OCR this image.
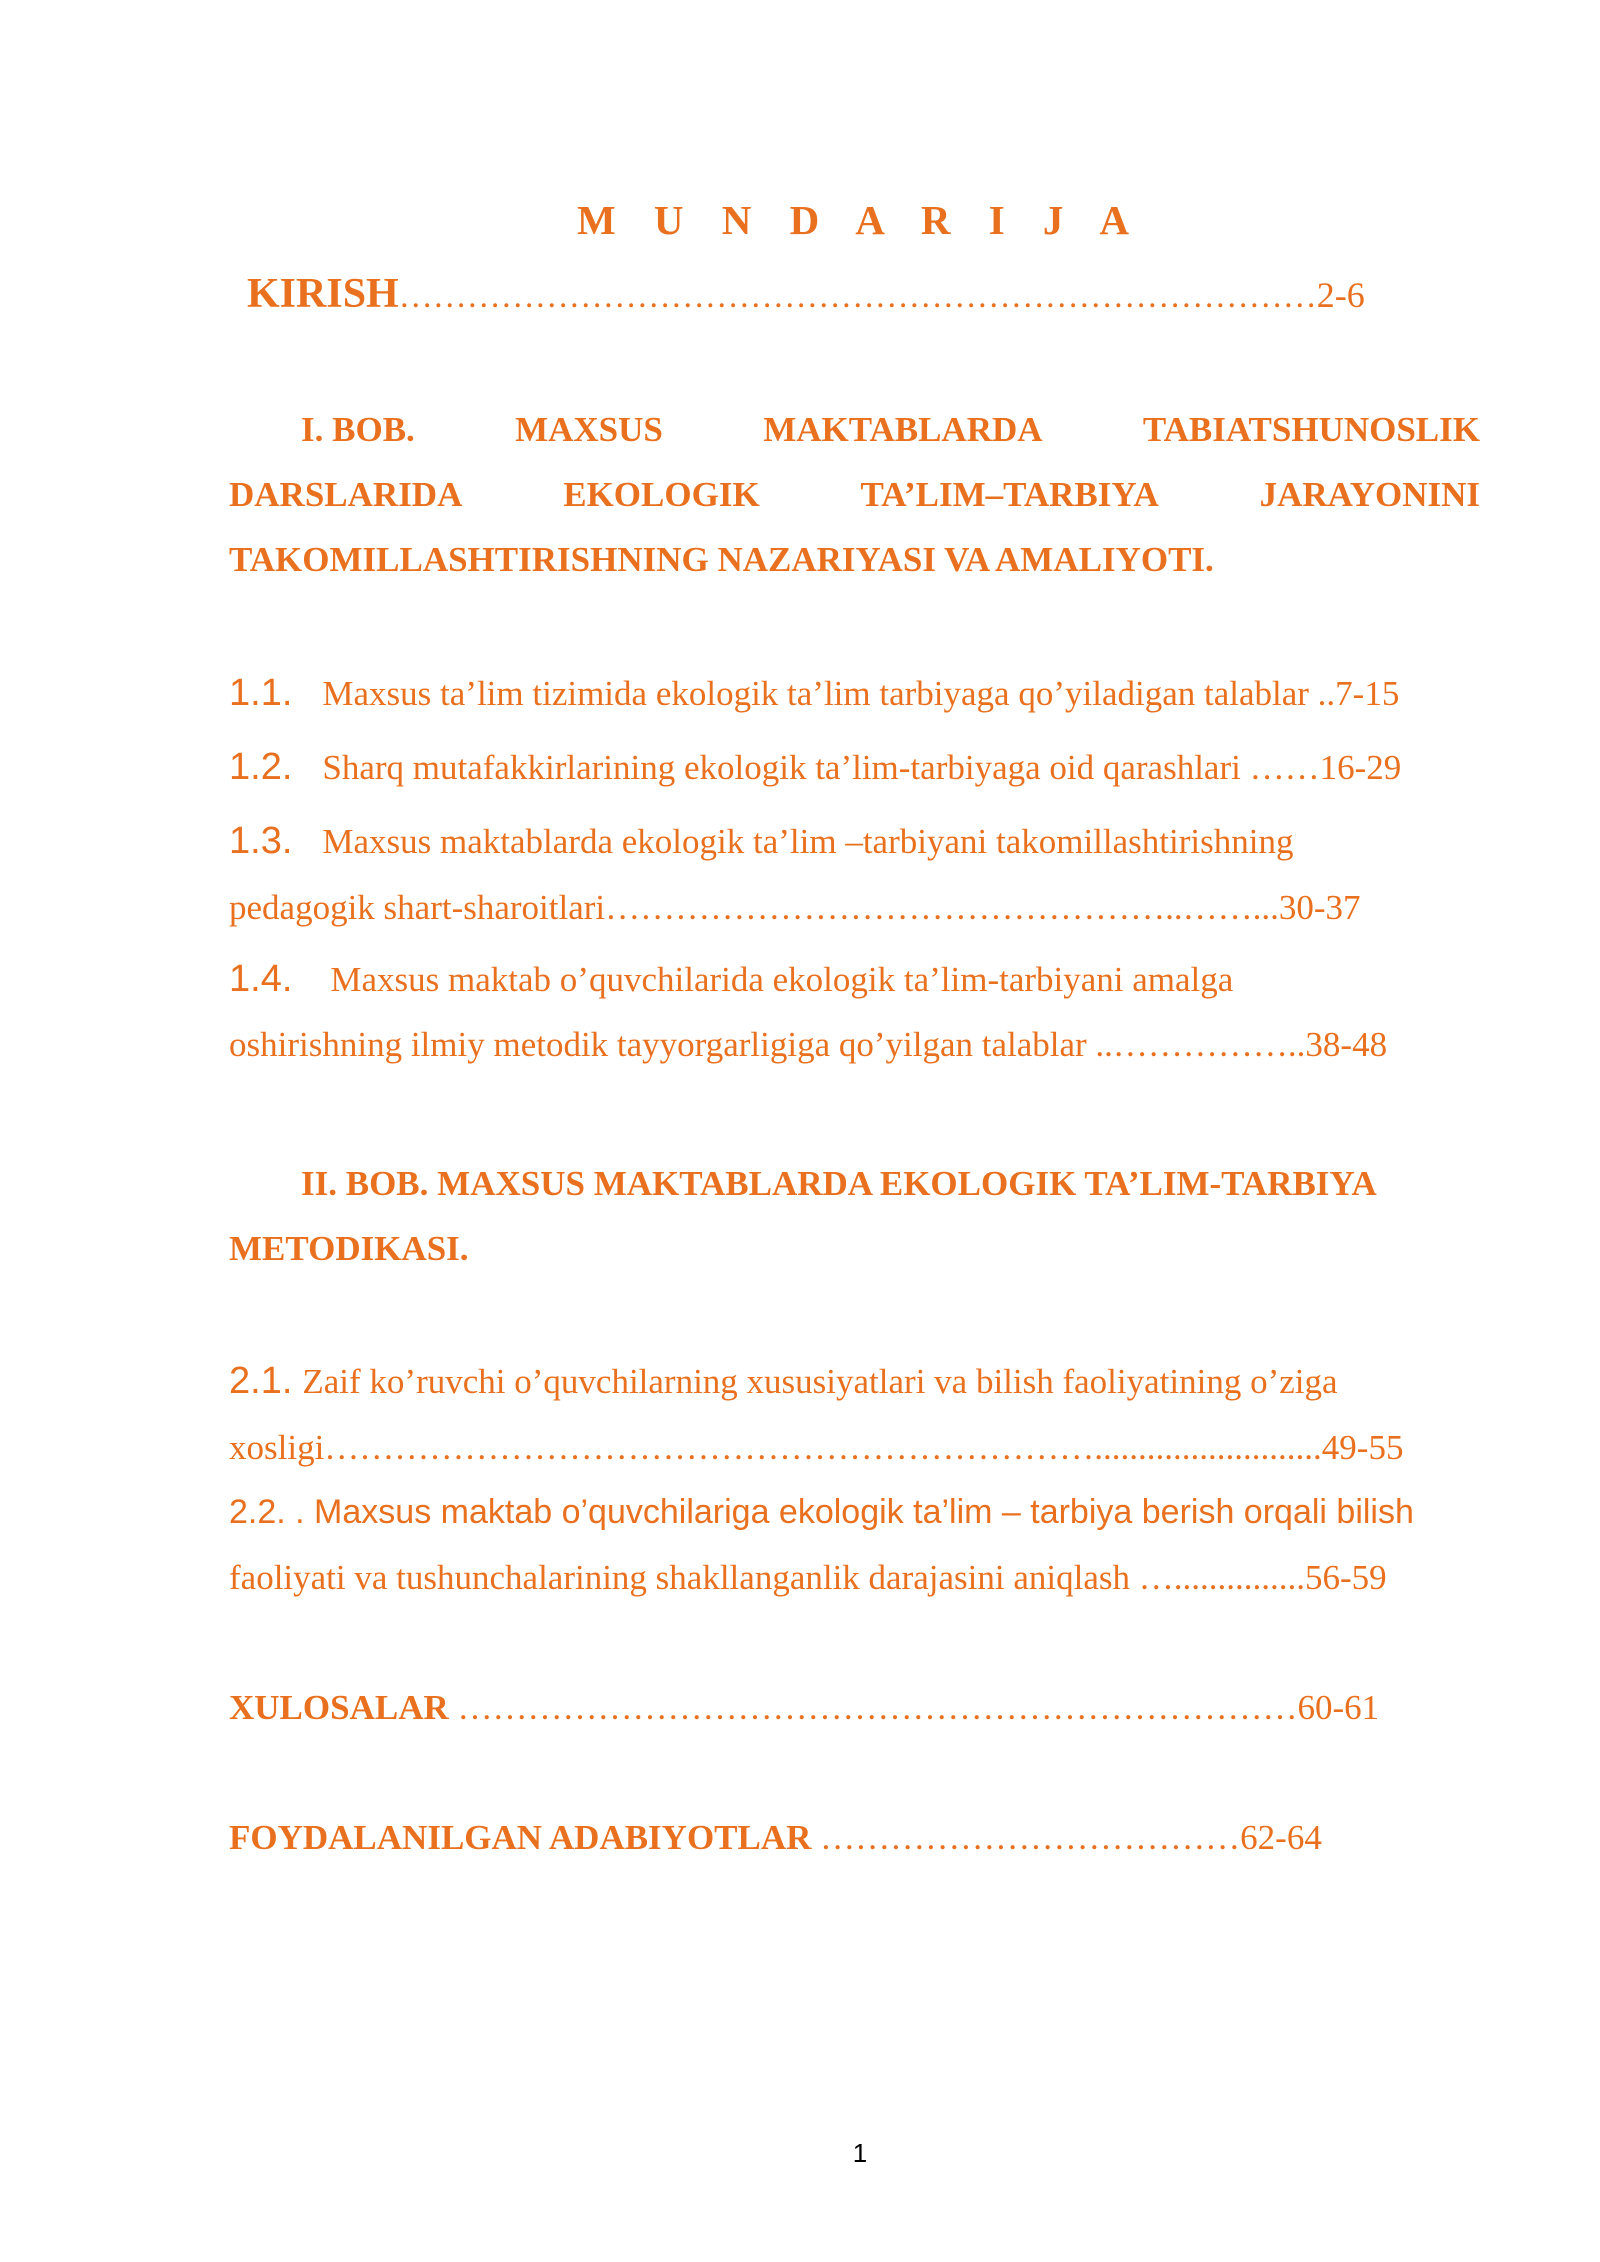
M U N D A R I J A
KIRISH………………………………………………………………………2-6
I. BOB.	MAXSUS	MAKTABLARDA	TABIATSHUNOSLIK
DARSLARIDA	EKOLOGIK	TA’LIM–TARBIYA	JARAYONINI
TAKOMILLASHTIRISHNING NAZARIYASI VA AMALIYOTI.
1.1. Maxsus ta’lim tizimida ekologik ta’lim tarbiyaga qo’yiladigan talablar ..7-15
1.2. Sharq mutafakkirlarining ekologik ta’lim-tarbiyaga oid qarashlari ……16-29
1.3. Maxsus maktablarda ekologik ta’lim –tarbiyani takomillashtirishning
pedagogik shart-sharoitlari…………………………………………..……...30-37
1.4. Maxsus maktab o’quvchilarida ekologik ta’lim-tarbiyani amalga
oshirishning ilmiy metodik tayyorgarligiga qo’yilgan talablar ..……………..38-48
II. BOB. MAXSUS MAKTABLARDA EKOLOGIK TA’LIM-TARBIYA
METODIKASI.
2.1. Zaif ko’ruvchi o’quvchilarning xususiyatlari va bilish faoliyatining o’ziga
xosligi…………………………………………………………..........................49-55
2.2. . Maxsus maktab o’quvchilariga ekologik ta’lim – tarbiya berish orqali bilish
faoliyati va tushunchalarining shakllanganlik darajasini aniqlash …...............56-59
XULOSALAR ………………………………………………………………60-61
FOYDALANILGAN ADABIYOTLAR ………………………………62-64
1
